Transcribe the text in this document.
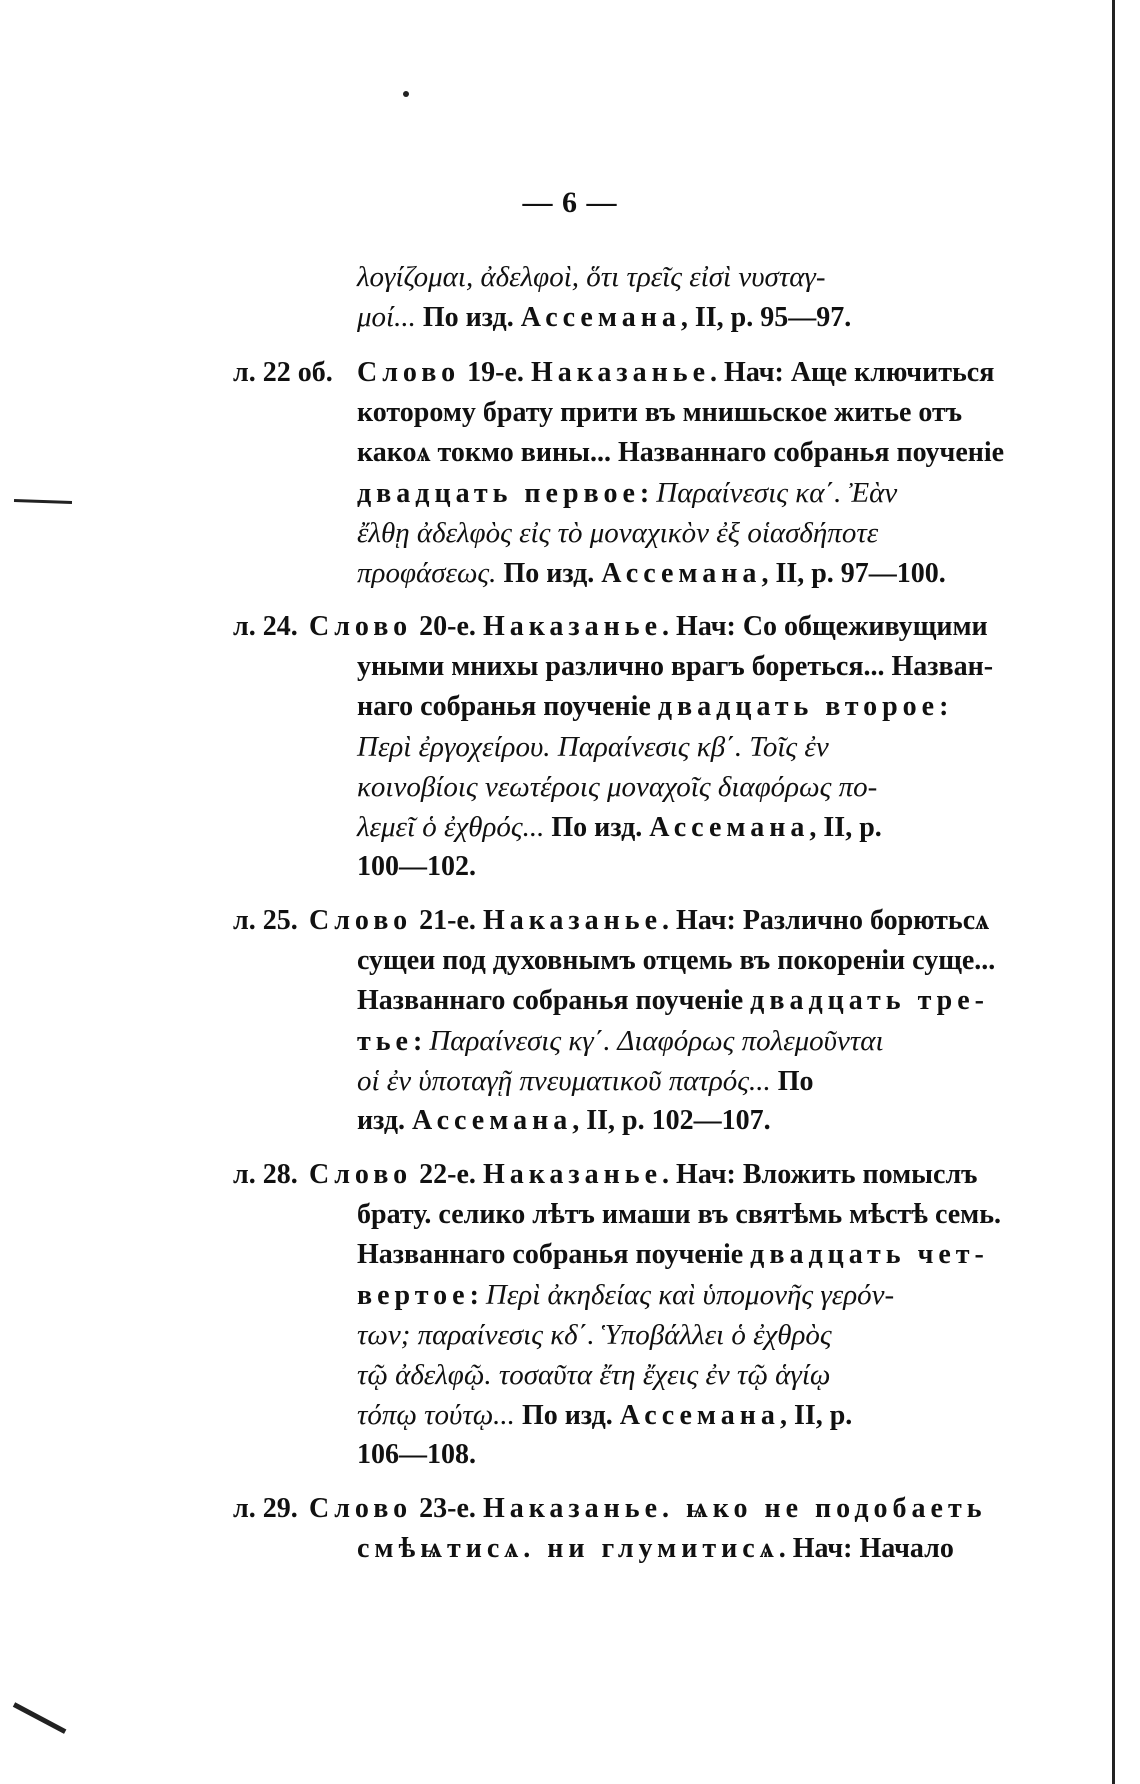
— 6 —
λογίζομαι, ἀδελφοὶ, ὅτι τρεῖς εἰσὶ νυσταγ-
μοί... По изд. Ассемана, II, р. 95—97.
л. 22 об. Слово 19-е. Наказанье. Нач: Аще ключиться
которому брату прити въ мнишьское житье отъ
какоѧ токмо вины... Названнаго собранья поученіе
двадцать первое: Παραίνεσις κα΄. Ἐὰν
ἔλθῃ ἀδελφὸς εἰς τὸ μοναχικὸν ἐξ οἱασδήποτε
προφάσεως. По изд. Ассемана, II, р. 97—100.
л. 24. Слово 20-е. Наказанье. Нач: Со общеживущими
уными мнихы различно врагъ бореться... Назван-
наго собранья поученіе двадцать второе:
Περὶ ἐργοχείρου. Παραίνεσις κβ΄. Τοῖς ἐν
κοινοβίοις νεωτέροις μοναχοῖς διαφόρως πο-
λεμεῖ ὁ ἐχθρός... По изд. Ассемана, II, р.
100—102.
л. 25. Слово 21-е. Наказанье. Нач: Различно борютьсѧ
сущеи под духовнымъ отцемь въ покореніи суще...
Названнаго собранья поученіе двадцать тре-
тье: Παραίνεσις κγ΄. Διαφόρως πολεμοῦνται
οἱ ἐν ὑποταγῇ πνευματικοῦ πατρός... По
изд. Ассемана, II, р. 102—107.
л. 28. Слово 22-е. Наказанье. Нач: Вложить помыслъ
брату. селико лѣтъ имаши въ святѣмь мѣстѣ семь.
Названнаго собранья поученіе двадцать чет-
вертое: Περὶ ἀκηδείας καὶ ὑπομονῆς γερόν-
των; παραίνεσις κδ΄. Ὑποβάλλει ὁ ἐχθρὸς
τῷ ἀδελφῷ. τοσαῦτα ἔτη ἔχεις ἐν τῷ ἁγίῳ
τόπῳ τούτῳ... По изд. Ассемана, II, р.
106—108.
л. 29. Слово 23-е. Наказанье. ѩко не подобаеть
смѣѩтисѧ. ни глумитисѧ. Нач: Начало
